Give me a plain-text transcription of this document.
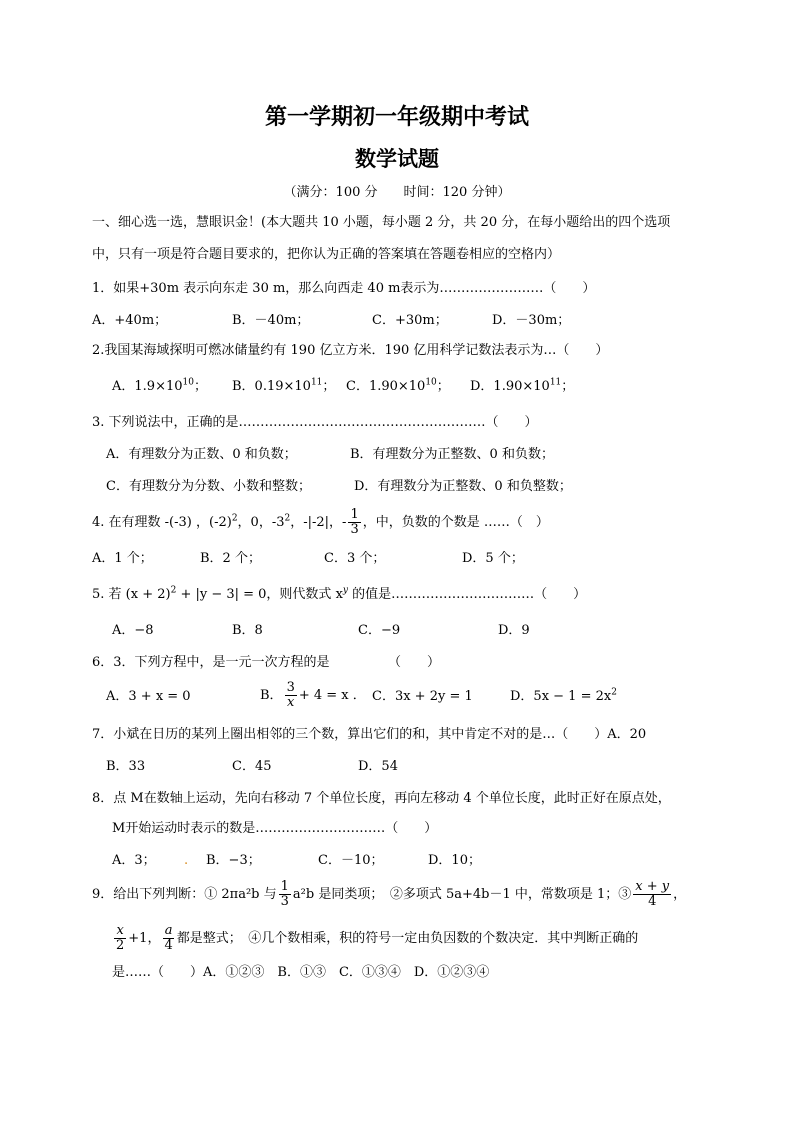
第一学期初一年级期中考试
数学试题
（满分：100 分　　时间：120 分钟）
一、细心选一选，慧眼识金！(本大题共 10 小题，每小题 2 分，共 20 分，在每小题给出的四个选项
中，只有一项是符合题目要求的，把你认为正确的答案填在答题卷相应的空格内）
1．如果+30m 表示向东走 30 m，那么向西走 40 m表示为……………………（　　）
A．+40m；	B．－40m；	C．+30m；	D．－30m；
2.我国某海域探明可燃冰储量约有 190 亿立方米．190 亿用科学记数法表示为…（　　）
A．$1.9\times 10^{10}$； B．$0.19\times 10^{11}$； C．$1.90\times 10^{10}$； D．$1.90\times 10^{11}$；
3. 下列说法中，正确的是…………………………………………………（　　）
A．有理数分为正数、0 和负数；	B．有理数分为正整数、0 和负数；
C．有理数分为分数、小数和整数；	D．有理数分为正整数、0 和负整数；
4. 在有理数 -(-3) ，$(-2)^2$，0，$-3^2$，-|-2|，- $\frac{1}{3}$ ，中，负数的个数是 ……（　）
A．1 个；	B．2 个；	C．3 个；	D．5 个；
5. 若 $(x + 2)^2 + |y - 3| = 0$，则代数式 $x^y$ 的值是……………………………（　　）
A．−8	B．8	C．−9	D．9
6．3．下列方程中，是一元一次方程的是　　　　　（　　）
A．3 + x = 0	B． $\frac{3}{x} + 4 = x$ ． C．3x + 2y = 1	D．$5x - 1 = 2x^2$
7．小斌在日历的某列上圈出相邻的三个数，算出它们的和，其中肯定不对的是…（　　）A．20
B．33	C．45	D．54
8．点 M在数轴上运动，先向右移动 7 个单位长度，再向左移动 4 个单位长度，此时正好在原点处，
M开始运动时表示的数是…………………………（　　）
A．3； . B．−3；	C．－10；	D．10；
9．给出下列判断：① 2πa²b 与 $\frac{1}{3} a^2b$ 是同类项；　②多项式 5a+4b－1 中，常数项是 1；③ $\frac{x + y}{4}$ ，
$\frac{x}{2} +1$， $\frac{a}{4}$ 都是整式；　④几个数相乘，积的符号一定由负因数的个数决定．其中判断正确的
是……（　　）A．①②③　B．①③　C．①③④　D．①②③④
